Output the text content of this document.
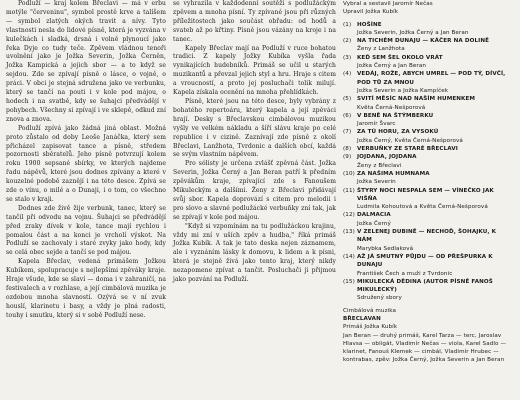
Podluží — kraj kolem Břeclavi — má v erbu motýle "červeninu", symbol prostě krve a talíšem — symbol zlatých okých travit a nívy. Tyto vlastnosti nesla do lidové písně, která je vyzvána v kulečkách i sladká, drsná i volně plynoucí jako řeka Dyje co tudy teče. Zpěvem vládnou tenoři uvolnění jako je Jožka Severin, Jožka Černěn, Jožka Kampická a jejich sbor — a to když se sejdou. Zde se zpívají písně o lásce, o vojně, o práci. V obci je stejná sdružena jako ve verbunku, který se tančí na pouti i v kole pod májou, o hodech i na svatbě, kdy se šuhajci předvádějí v pohybech. Všechny si zpívají i ve sklepě, odkud zní znova a znova.

Podluží zpívá jako žádná jiná oblast. Možná proto zůstalo od doby Leoše Janáčka, který sem přicházel zapisovat tance a písně, středem pozornosti sběratelů. Jeho písně potvrzují kolem roku 1900 sepsané sbírky, ve kterých najdeme řadu nápěvů, které jsou dodnes zpívány a které v kouzelné podobě zaznějí i na této desce. Zpívá se zde o vínu, o milé a o Dunaji, i o tom, co všechno se stalo v kraji.

Dodnes zde živě žije verbunk, tanec, který se tančil při odvodu na vojnu. Šuhajci se předvádějí před zraky dívek v kole, tance mají rychlou i pomalou část a na konci je vrcholí výskot. Na Podluží se zachovaly i staré zvyky jako hody, kdy se celá obec sejde a tančí se pod májou.

Kapela Břeclav, vedená primášem Jožkou Kubíkem, spolupracuje s nejlepšími zpěváky kraje. Hraje všude, kde se slaví — doma i v zahraničí, na festivalech a v rozhlase, a její cimbálová muzika je ozdobou mnoha slavností. Ozývá se v ní zvuk houslí, klarinetu i basy, a vždy je plná radosti, touhy i smutku, který si v sobě Podluží nese.

se vyhrazila v každodenní soutěži s podlužáckým zpěvem a mnoha písní. Ty zpívané jsou při různých příležitostech jako součást obřadu: od hodů a svateb až po křtiny. Písně jsou vázány na kroje i na tanec.

Kapely Břeclav mají na Podluží v ruce bohatou tradici. Z kapely Jožky Kubíka vyšla řada vynikajících hudebníků. Primáš se učil u starých muzikantů a převzal jejich styl a hru. Hraje s citem a vroucností, a proto jej posluchači tolik milují. Kapela získala ocenění na mnoha přehlídkách.

Písně, které jsou na této desce, byly vybrány z bohatého repertoáru, který kapela a její zpěváci hrají. Desky s Břeclavskou cimbálovou muzikou vyšly ve velkém nákladu a šíří slávu kraje po celé republice i v cizině. Zaznívají zde písně z okolí Břeclavi, Lanžhota, Tvrdonic a dalších obcí, každá se svým vlastním nápěvem.

Pro sólisty je určena zvlášť zpěvná část. Jožka Severin, Jožka Černý a Jan Beran patří k předním zpěvákům kraje, zpívající zde s Fanoušem Mikuleckým a dalšími. Ženy z Břeclavi přidávají svůj sbor. Kapela doprovází s citem pro melodii i pro slovo a slavné podlužácké verbuňky zní tak, jak se zpívají v kole pod májou.

"Když si vzpomínám na tu podlužáckou krajinu, vždy mi zní v uších zpěv a hudba," říká primáš Jožka Kubík. A tak je tato deska nejen záznamem, ale i vyznáním lásky k domovu, k lidem a k písni, která je stejně živá jako tento kraj, který nikdy nezapomene zpívat a tančit. Posluchači ji přijmou jako pozvání na Podluží.

Vybral a sestavil Jaromír Nečas

Upravil Jožka Kubík

(1)	HOŠÍNE
Jožka Severin, Jožka Černý a Jan Beran
(2)	NA TICHÉM DUNAJU — KÁČER NA DOLINĚ
Ženy z Lanžhota
(3)	KEĎ SEM ŠEL OKOLO VRÁT
Jožka Černý a Jan Beran
(4)	VEDÁJ, ROŽE, ABYCH UMREL — POD TÝ, DÍVČÍ, POD TŮ ZA MNOU
Jožka Severin a Jožka Kampíček
(5)	SVITÍ MĚSÍC NAD NAŠÍM HUMENKEM
Květa Černá-Nešporová
(6)	V BENĚ NA ŠTÝMBERKU
Jaromír Švarc
(7)	ZA TÚ HORU, ZA VYSOKÚ
Jožka Černý, Květa Černá-Nešporová
(8)	VERBUŇKY ZE STARÉ BŘECLAVI
(9)	JOJDANA, JOJDANA
Ženy z Břeclavi
(10) ZA NAŠIMA HUMNAMA
Jožka Severin
(11) ŠTYRY NOCI NESPALA SEM — VÍNEČKO JAK VIŠŇA
Ludmila Kohoutová a Květa Černá-Nešporová
(12) DALMACIA
Jožka Černý
(13) V ZELENEJ DUBINĚ — NECHOĎ, ŠOHAJKU, K NÁM
Marybka Sedlaková
(14) AŽ JÁ SMUTNÝ PŮJDU — OD PŘEŠPURKA K DUNAJU
František Čech a muži z Tvrdonic
(15) MIKULECKÁ DĚDINA (AUTOR PÍSNĚ FANOŠ MIKULECKÝ)
Sdružený sbory

Cimbálová muzika

BŘECLAVAN

Primáš Jožka Kubík

Jan Beran — druhý primáš, Karel Tarza — terc, Jaroslav Hlavsa — obligát, Vladimír Nečas — viola, Karel Sadlo — klarinet, Fanouš Klemek — cimbál, Vladimír Hrubec — kontrabas, zpěv: Jožka Černý, Jožka Severin a Jan Beran
